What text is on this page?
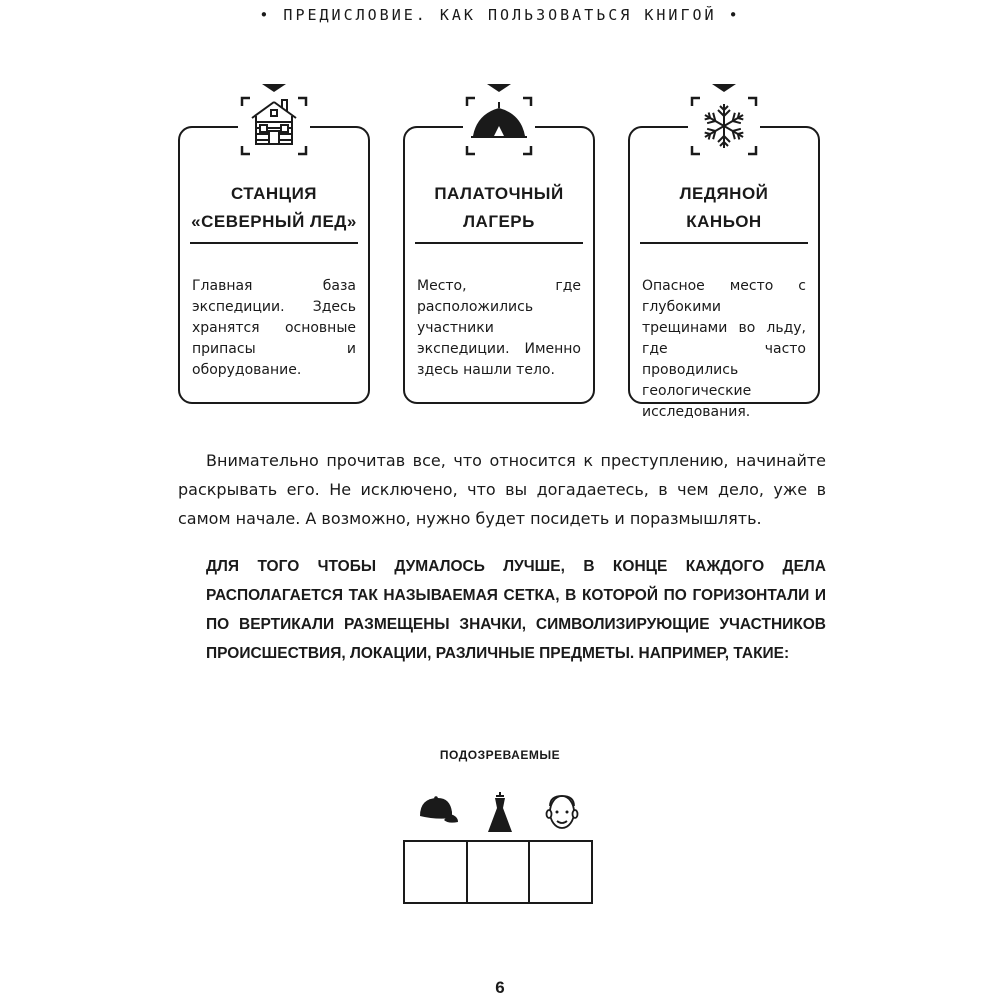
• ПРЕДИСЛОВИЕ. КАК ПОЛЬЗОВАТЬСЯ КНИГОЙ •
СТАНЦИЯ
«СЕВЕРНЫЙ ЛЕД»
Главная база экспедиции. Здесь хранятся основные припасы и оборудование.
ПАЛАТОЧНЫЙ
ЛАГЕРЬ
Место, где расположились участники экспедиции. Именно здесь нашли тело.
ЛЕДЯНОЙ
КАНЬОН
Опасное место с глубокими трещинами во льду, где часто проводились геологические исследования.
Внимательно прочитав все, что относится к преступлению, начинайте раскрывать его. Не исключено, что вы догадаетесь, в чем дело, уже в самом начале. А возможно, нужно будет посидеть и поразмышлять.
ДЛЯ ТОГО ЧТОБЫ ДУМАЛОСЬ ЛУЧШЕ, В КОНЦЕ КАЖДОГО ДЕЛА РАСПОЛАГАЕТСЯ ТАК НАЗЫВАЕМАЯ СЕТКА, В КОТОРОЙ ПО ГОРИЗОНТАЛИ И ПО ВЕРТИКАЛИ РАЗМЕЩЕНЫ ЗНАЧКИ, СИМВОЛИЗИРУЮЩИЕ УЧАСТНИКОВ ПРОИСШЕСТВИЯ, ЛОКАЦИИ, РАЗЛИЧНЫЕ ПРЕДМЕТЫ. НАПРИМЕР, ТАКИЕ:
ПОДОЗРЕВАЕМЫЕ
6
